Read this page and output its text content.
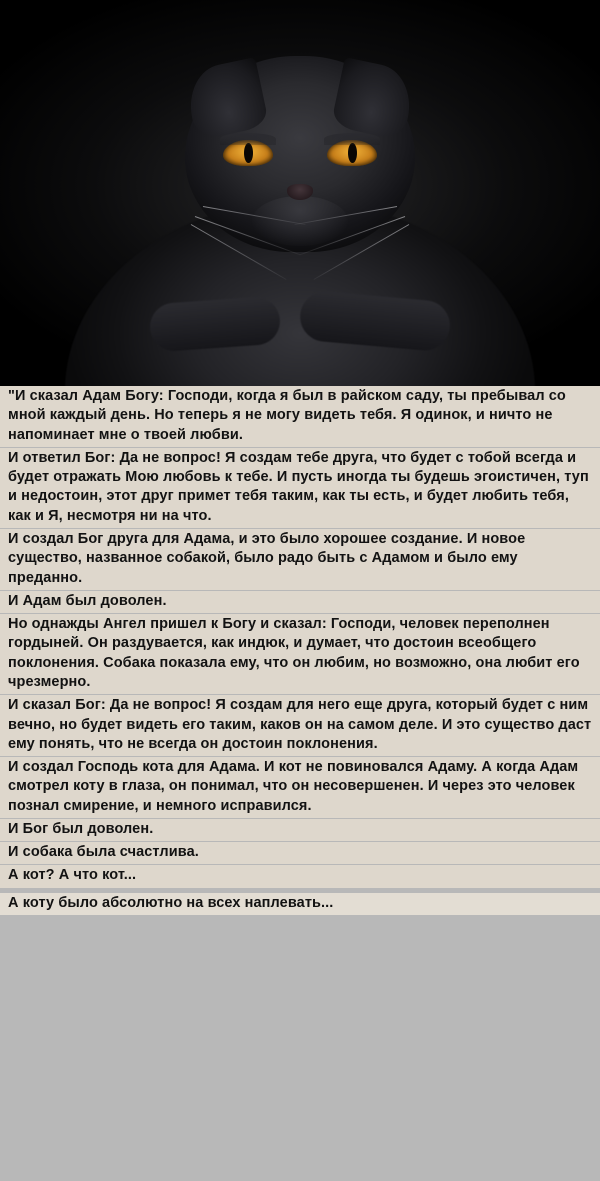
"И сказал Адам Богу: Господи, когда я был в райском саду, ты пребывал со мной каждый день. Но теперь я не могу видеть тебя. Я одинок, и ничто не напоминает мне о твоей любви.

И ответил Бог: Да не вопрос! Я создам тебе друга, что будет с тобой всегда и будет отражать Мою любовь к тебе. И пусть иногда ты будешь эгоистичен, туп и недостоин, этот друг примет тебя таким, как ты есть, и будет любить тебя, как и Я, несмотря ни на что.

И создал Бог друга для Адама, и это было хорошее создание. И новое существо, названное собакой, было радо быть с Адамом и было ему преданно.

И Адам был доволен.

Но однажды Ангел пришел к Богу и сказал: Господи, человек переполнен гордыней. Он раздувается, как индюк, и думает, что достоин всеобщего поклонения. Собака показала ему, что он любим, но возможно, она любит его чрезмерно.

И сказал Бог: Да не вопрос! Я создам для него еще друга, который будет с ним вечно, но будет видеть его таким, каков он на самом деле. И это существо даст ему понять, что не всегда он достоин поклонения.

И создал Господь кота для Адама. И кот не повиновался Адаму. А когда Адам смотрел коту в глаза, он понимал, что он несовершенен. И через это человек познал смирение, и немного исправился.

И Бог был доволен.

И собака была счастлива.

А кот? А что кот...

А коту было абсолютно на всех наплевать...
